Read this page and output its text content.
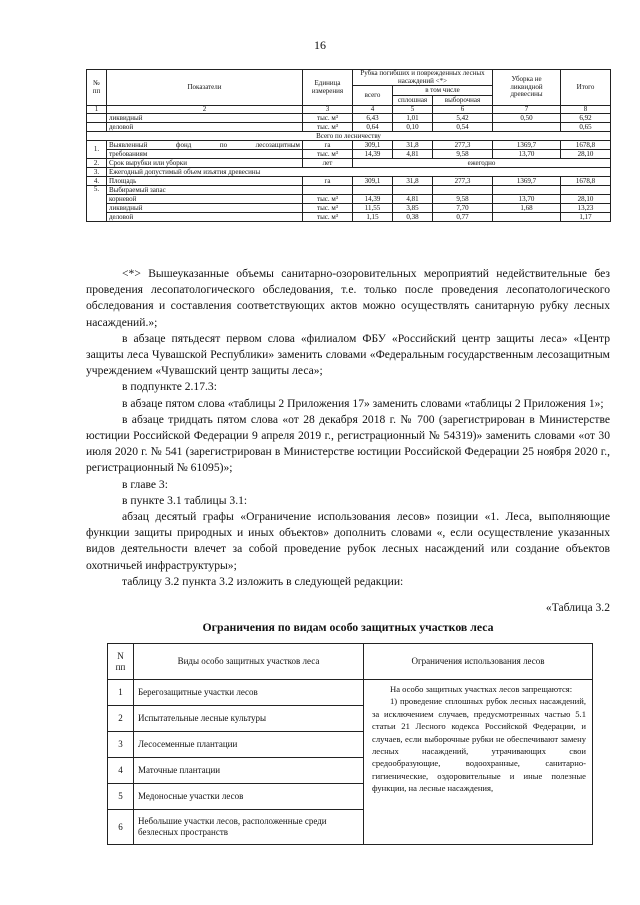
16
№ пп	Показатели	Единица измерения	Рубка погибших и поврежденных лесных насаждений <*>			Уборка не ликвидной древесины	Итого
			всего	в том числе			
				сплошная	выборочная		
1	2	3	4	5	6	7	8
	ликвидный	тыс. м³	6,43	1,01	5,42	0,50	6,92
	деловой	тыс. м³	0,64	0,10	0,54		0,65
Всего по лесничеству							
1.	Выявленный фонд по лесозащитным	га	309,1	31,8	277,3	1369,7	1678,8
	требованиям	тыс. м³	14,39	4,81	9,58	13,70	28,10
2.	Срок вырубки или уборки	лет	ежегодно				
3.	Ежегодный допустимый объем изъятия древесины						
4.	Площадь	га	309,1	31,8	277,3	1369,7	1678,8
5.	Выбираемый запас						
	корневой	тыс. м³	14,39	4,81	9,58	13,70	28,10
	ликвидный	тыс. м³	11,55	3,85	7,70	1,68	13,23
	деловой	тыс. м³	1,15	0,38	0,77		1,17

<*> Вышеуказанные объемы санитарно-озоровительных мероприятий недействительные без проведения лесопатологического обследования, т.е. только после проведения лесопатологического обследования и составления соответствующих актов можно осуществлять санитарную рубку лесных насаждений.»;

в абзаце пятьдесят первом слова «филиалом ФБУ «Российский центр защиты леса» «Центр защиты леса Чувашской Республики» заменить словами «Федеральным государственным лесозащитным учреждением «Чувашский центр защиты леса»;

в подпункте 2.17.3:

в абзаце пятом слова «таблицы 2 Приложения 17» заменить словами «таблицы 2 Приложения 1»;

в абзаце тридцать пятом слова «от 28 декабря 2018 г. № 700 (зарегистрирован в Министерстве юстиции Российской Федерации 9 апреля 2019 г., регистрационный № 54319)» заменить словами «от 30 июля 2020 г. № 541 (зарегистрирован в Министерстве юстиции Российской Федерации 25 ноября 2020 г., регистрационный № 61095)»;

в главе 3:

в пункте 3.1 таблицы 3.1:

абзац десятый графы «Ограничение использования лесов» позиции «1. Леса, выполняющие функции защиты природных и иных объектов» дополнить словами «, если осуществление указанных видов деятельности влечет за собой проведение рубок лесных насаждений или создание объектов охотничьей инфраструктуры»;

таблицу 3.2 пункта 3.2 изложить в следующей редакции:

«Таблица 3.2
Ограничения по видам особо защитных участков леса
N пп	Виды особо защитных участков леса	Ограничения использования лесов
1	Берегозащитные участки лесов	На особо защитных участках лесов запрещаются:
1) проведение сплошных рубок лесных насаждений, за исключением случаев, предусмотренных частью 5.1 статьи 21 Лесного кодекса Российской Федерации, и случаев, если выборочные рубки не обеспечивают замену лесных насаждений, утрачивающих свои средообразующие, водоохранные, санитарно-гигиенические, оздоровительные и иные полезные функции, на лесные насаждения,

2	Испытательные лесные культуры	
3	Лесосеменные плантации	
4	Маточные плантации	
5	Медоносные участки лесов	
6	Небольшие участки лесов, расположенные среди безлесных пространств	
